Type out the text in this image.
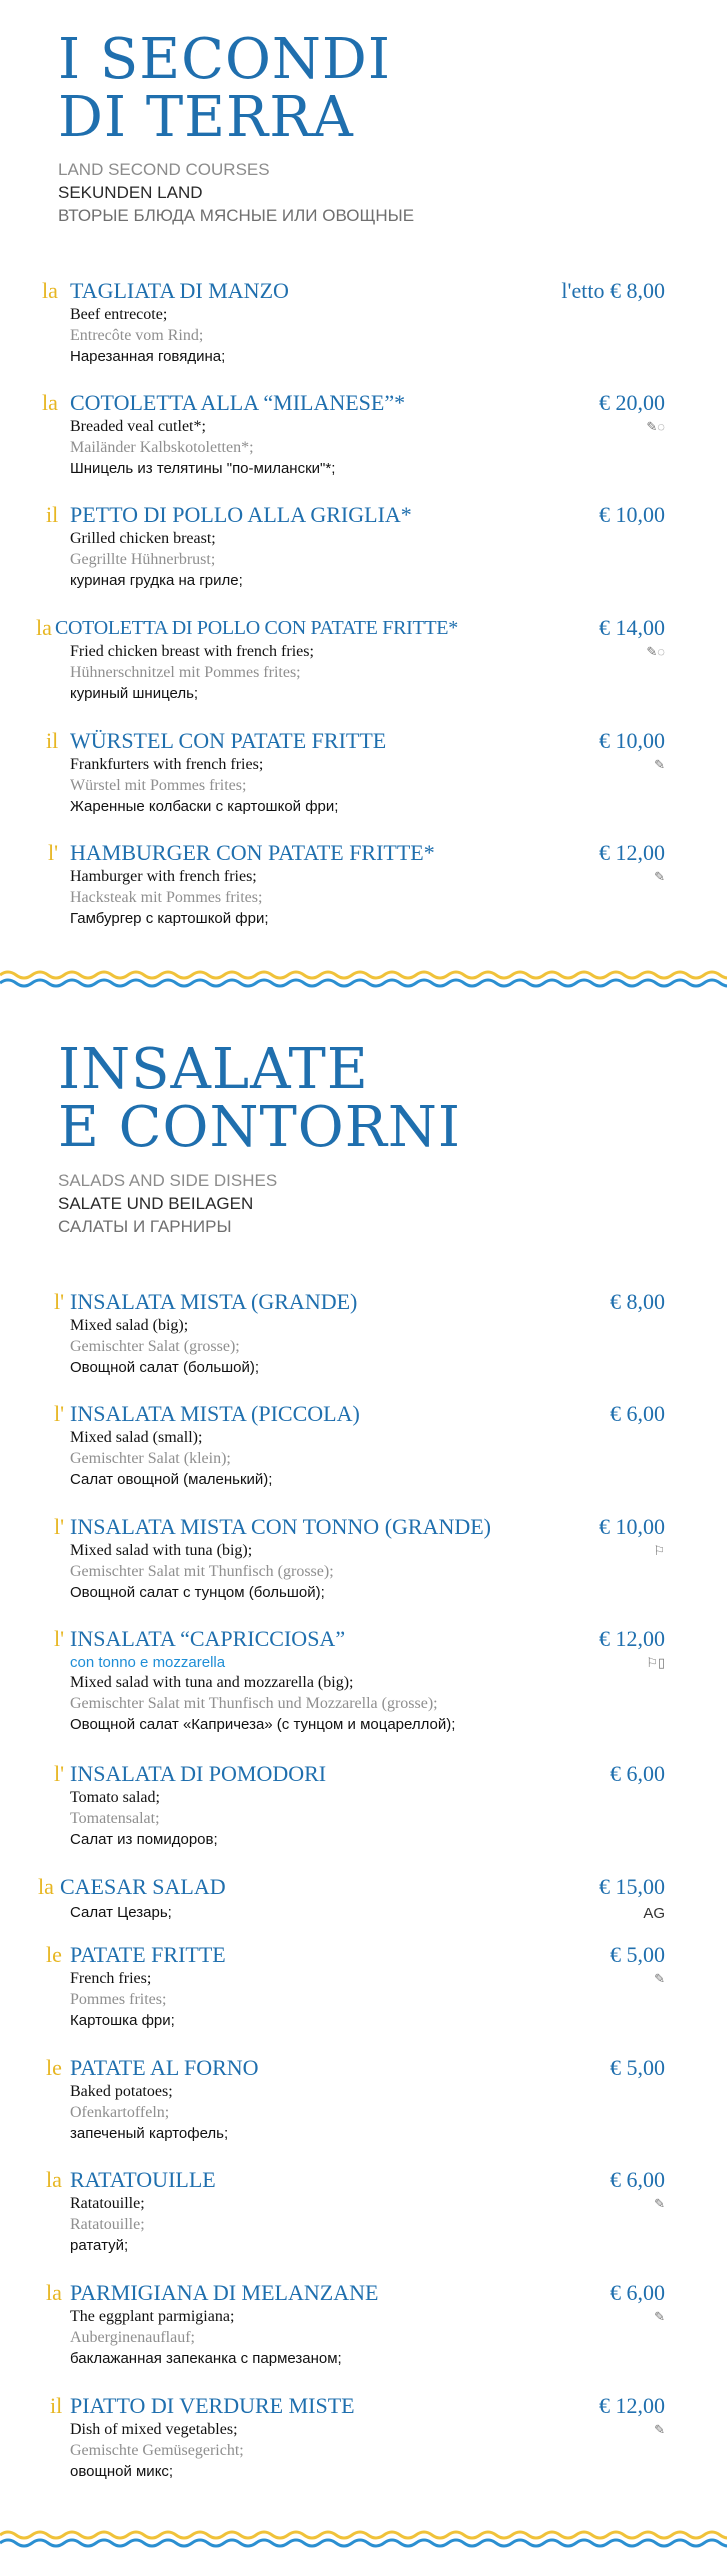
I SECONDI
DI TERRA
LAND SECOND COURSES
SEKUNDEN LAND
ВТОРЫЕ БЛЮДА МЯСНЫЕ ИЛИ ОВОЩНЫЕ
la TAGLIATA DI MANZO	l'etto € 8,00
Beef entrecote;
Entrecôte vom Rind;
Нарезанная говядина;
la COTOLETTA ALLA “MILANESE”*	€ 20,00
✎◌
Breaded veal cutlet*;
Mailänder Kalbskotoletten*;
Шницель из телятины "по-милански"*;
il PETTO DI POLLO ALLA GRIGLIA*	€ 10,00
Grilled chicken breast;
Gegrillte Hühnerbrust;
куриная грудка на гриле;
la COTOLETTA DI POLLO CON PATATE FRITTE*	€ 14,00
✎◌
Fried chicken breast with french fries;
Hühnerschnitzel mit Pommes frites;
куриный шницель;
il WÜRSTEL CON PATATE FRITTE	€ 10,00
✎
Frankfurters with french fries;
Würstel mit Pommes frites;
Жаренные колбаски с картошкой фри;
l' HAMBURGER CON PATATE FRITTE*	€ 12,00
✎
Hamburger with french fries;
Hacksteak mit Pommes frites;
Гамбургер с картошкой фри;
INSALATE
E CONTORNI
SALADS AND SIDE DISHES
SALATE UND BEILAGEN
САЛАТЫ И ГАРНИРЫ
l' INSALATA MISTA (GRANDE)	€ 8,00
Mixed salad (big);
Gemischter Salat (grosse);
Овощной салат (большой);
l' INSALATA MISTA (PICCOLA)	€ 6,00
Mixed salad (small);
Gemischter Salat (klein);
Салат овощной (маленький);
l' INSALATA MISTA CON TONNO (GRANDE)	€ 10,00
⚐
Mixed salad with tuna (big);
Gemischter Salat mit Thunfisch (grosse);
Овощной салат с тунцом (большой);
l' INSALATA “CAPRICCIOSA”	€ 12,00
⚐▯
con tonno e mozzarella
Mixed salad with tuna and mozzarella (big);
Gemischter Salat mit Thunfisch und Mozzarella (grosse);
Овощной салат «Капричеза» (с тунцом и моцареллой);
l' INSALATA DI POMODORI	€ 6,00
Tomato salad;
Tomatensalat;
Салат из помидоров;
la CAESAR SALAD	€ 15,00
AG
Салат Цезарь;
le PATATE FRITTE	€ 5,00
✎
French fries;
Pommes frites;
Картошка фри;
le PATATE AL FORNO	€ 5,00
Baked potatoes;
Ofenkartoffeln;
запеченый картофель;
la RATATOUILLE	€ 6,00
✎
Ratatouille;
Ratatouille;
рататуй;
la PARMIGIANA DI MELANZANE	€ 6,00
✎
The eggplant parmigiana;
Auberginenauflauf;
баклажанная запеканка с пармезаном;
il PIATTO DI VERDURE MISTE	€ 12,00
✎
Dish of mixed vegetables;
Gemischte Gemüsegericht;
овощной микс;
